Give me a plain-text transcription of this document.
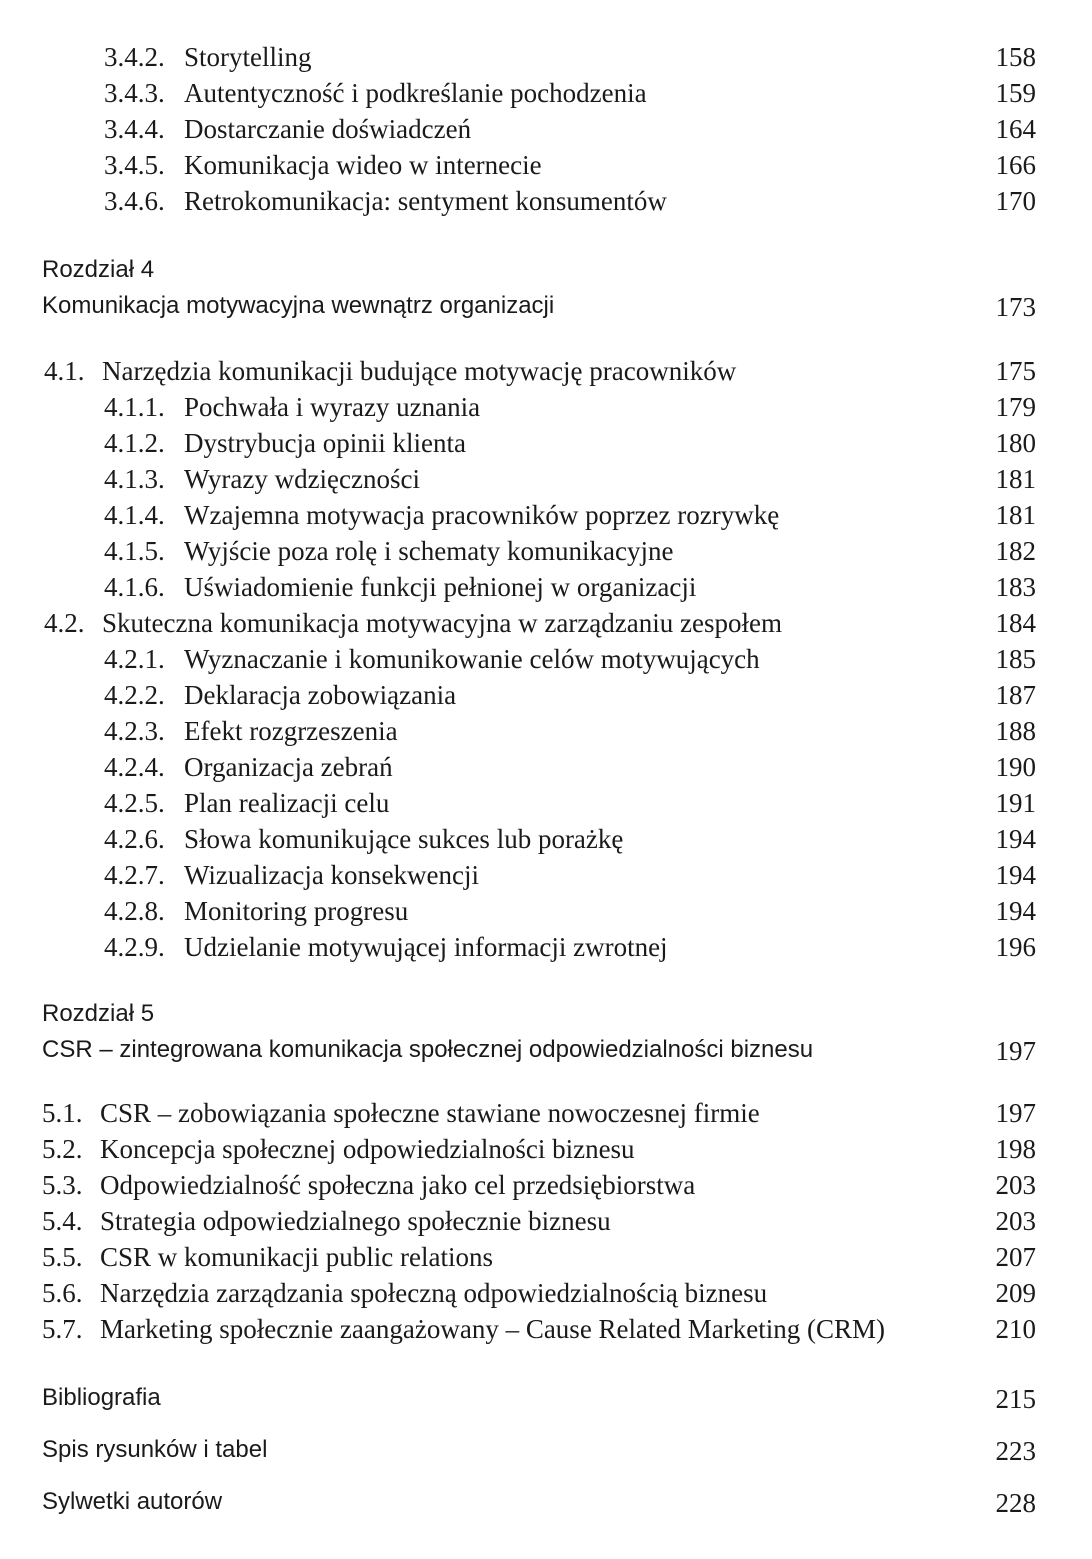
3.4.2. Storytelling	158
3.4.3. Autentyczność i podkreślanie pochodzenia	159
3.4.4. Dostarczanie doświadczeń	164
3.4.5. Komunikacja wideo w internecie	166
3.4.6. Retrokomunikacja: sentyment konsumentów	170
Rozdział 4
Komunikacja motywacyjna wewnątrz organizacji	173
4.1. Narzędzia komunikacji budujące motywację pracowników	175
4.1.1. Pochwała i wyrazy uznania	179
4.1.2. Dystrybucja opinii klienta	180
4.1.3. Wyrazy wdzięczności	181
4.1.4. Wzajemna motywacja pracowników poprzez rozrywkę	181
4.1.5. Wyjście poza rolę i schematy komunikacyjne	182
4.1.6. Uświadomienie funkcji pełnionej w organizacji	183
4.2. Skuteczna komunikacja motywacyjna w zarządzaniu zespołem	184
4.2.1. Wyznaczanie i komunikowanie celów motywujących	185
4.2.2. Deklaracja zobowiązania	187
4.2.3. Efekt rozgrzeszenia	188
4.2.4. Organizacja zebrań	190
4.2.5. Plan realizacji celu	191
4.2.6. Słowa komunikujące sukces lub porażkę	194
4.2.7. Wizualizacja konsekwencji	194
4.2.8. Monitoring progresu	194
4.2.9. Udzielanie motywującej informacji zwrotnej	196
Rozdział 5
CSR – zintegrowana komunikacja społecznej odpowiedzialności biznesu	197
5.1. CSR – zobowiązania społeczne stawiane nowoczesnej firmie	197
5.2. Koncepcja społecznej odpowiedzialności biznesu	198
5.3. Odpowiedzialność społeczna jako cel przedsiębiorstwa	203
5.4. Strategia odpowiedzialnego społecznie biznesu	203
5.5. CSR w komunikacji public relations	207
5.6. Narzędzia zarządzania społeczną odpowiedzialnością biznesu	209
5.7. Marketing społecznie zaangażowany – Cause Related Marketing (CRM)	210
Bibliografia	215
Spis rysunków i tabel	223
Sylwetki autorów	228
